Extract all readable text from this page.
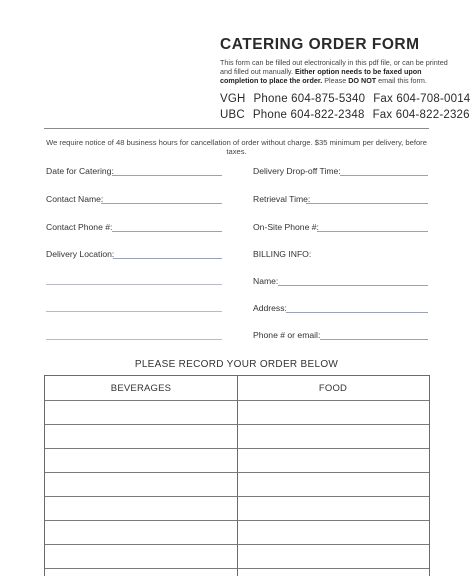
CATERING ORDER FORM
This form can be filled out electronically in this pdf file, or can be printed and filled out manually. Either option needs to be faxed upon completion to place the order. Please DO NOT email this form.
VGH Phone 604-875-5340 Fax 604-708-0014
UBC Phone 604-822-2348 Fax 604-822-2326
We require notice of 48 business hours for cancellation of order without charge. $35 minimum per delivery, before taxes.
Date for Catering:
Contact Name:
Contact Phone #:
Delivery Location:
Delivery Drop-off Time:
Retrieval Time:
On-Site Phone #:
BILLING INFO:
Name:
Address:
Phone # or email:
PLEASE RECORD YOUR ORDER BELOW
BEVERAGES	FOOD
